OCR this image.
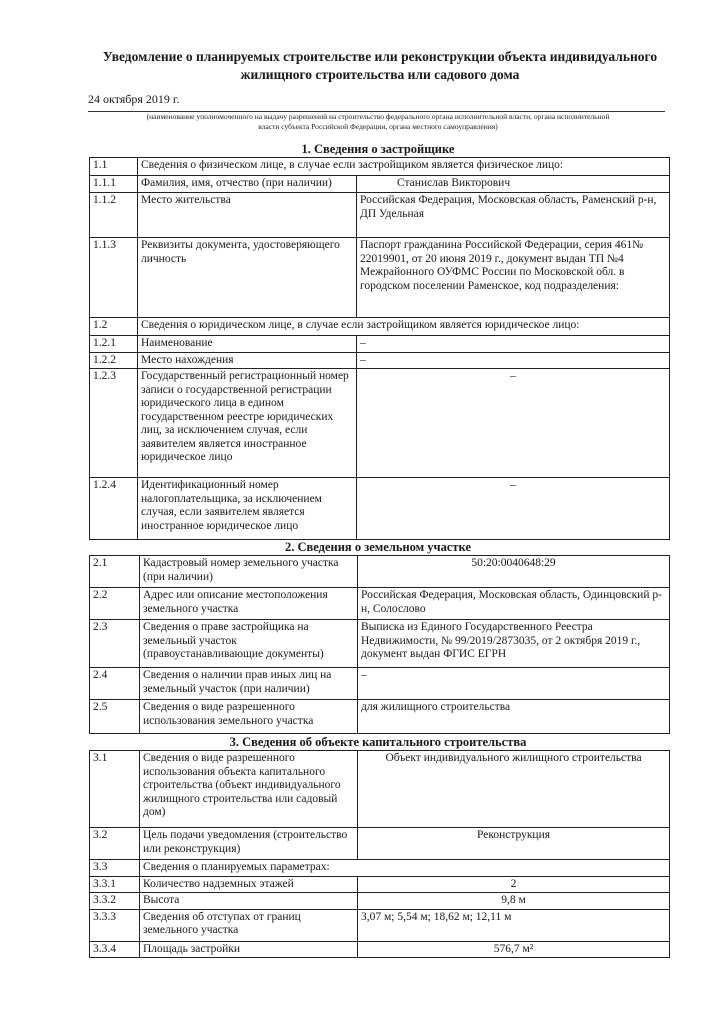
Уведомление о планируемых строительстве или реконструкции объекта индивидуального
жилищного строительства или садового дома
24 октября 2019 г.
(наименование уполномоченного на выдачу разрешений на строительство федерального органа исполнительной власти, органа исполнительной
власти субъекта Российской Федерации, органа местного самоуправления)
1. Сведения о застройщике
1.1	Сведения о физическом лице, в случае если застройщиком является физическое лицо:	
1.1.1	Фамилия, имя, отчество (при наличии)	Станислав Викторович
1.1.2	Место жительства	Российская Федерация, Московская область, Раменский р-н, ДП Удельная
1.1.3	Реквизиты документа, удостоверяющего личность	Паспорт гражданина Российской Федерации, серия 461№ 22019901, от 20 июня 2019 г., документ выдан ТП №4 Межрайонного ОУФМС России по Московской обл. в городском поселении Раменское, код подразделения:
1.2	Сведения о юридическом лице, в случае если застройщиком является юридическое лицо:	
1.2.1	Наименование	–
1.2.2	Место нахождения	–
1.2.3	Государственный регистрационный номер записи о государственной регистрации юридического лица в едином государственном реестре юридических лиц, за исключением случая, если заявителем является иностранное юридическое лицо	–
1.2.4	Идентификационный номер налогоплательщика, за исключением случая, если заявителем является иностранное юридическое лицо	–
2. Сведения о земельном участке
2.1	Кадастровый номер земельного участка (при наличии)	50:20:0040648:29
2.2	Адрес или описание местоположения земельного участка	Российская Федерация, Московская область, Одинцовский р-н, Солослово
2.3	Сведения о праве застройщика на земельный участок (правоустанавливающие документы)	Выписка из Единого Государственного Реестра Недвижимости, № 99/2019/2873035, от 2 октября 2019 г., документ выдан ФГИС ЕГРН
2.4	Сведения о наличии прав иных лиц на земельный участок (при наличии)	–
2.5	Сведения о виде разрешенного использования земельного участка	для жилищного строительства
3. Сведения об объекте капитального строительства
3.1	Сведения о виде разрешенного использования объекта капитального строительства (объект индивидуального жилищного строительства или садовый дом)	Объект индивидуального жилищного строительства
3.2	Цель подачи уведомления (строительство или реконструкция)	Реконструкция
3.3	Сведения о планируемых параметрах:	
3.3.1	Количество надземных этажей	2
3.3.2	Высота	9,8 м
3.3.3	Сведения об отступах от границ земельного участка	3,07 м; 5,54 м; 18,62 м; 12,11 м
3.3.4	Площадь застройки	576,7 м²
